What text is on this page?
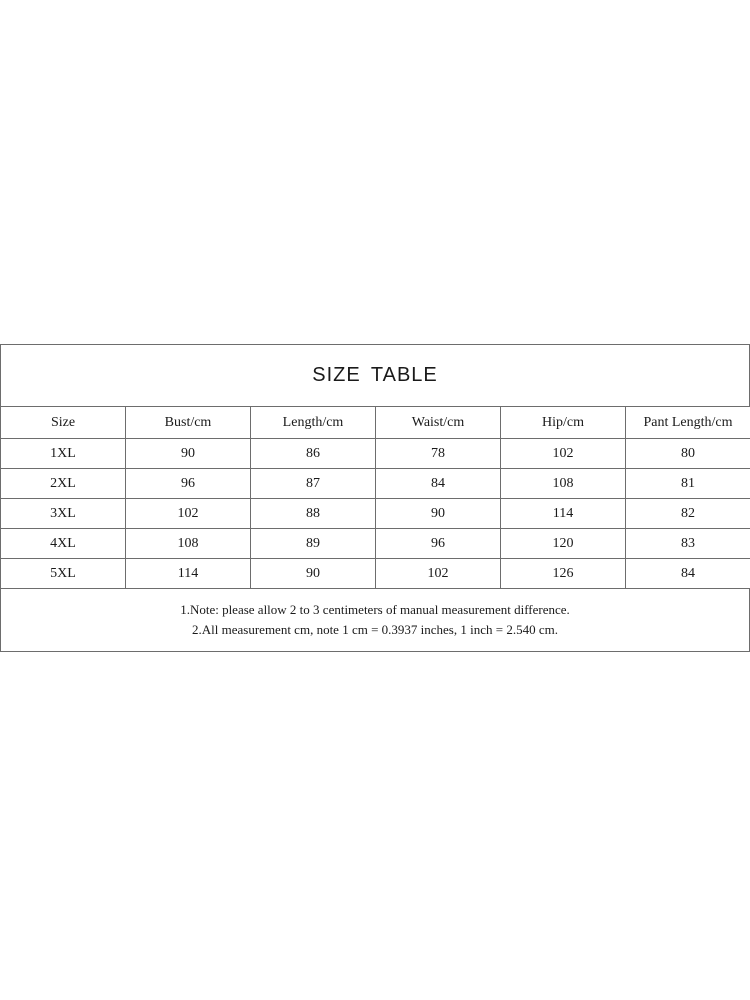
SIZE TABLE
Size	Bust/cm	Length/cm	Waist/cm	Hip/cm	Pant Length/cm
1XL	90	86	78	102	80
2XL	96	87	84	108	81
3XL	102	88	90	114	82
4XL	108	89	96	120	83
5XL	114	90	102	126	84
1.Note: please allow 2 to 3 centimeters of manual measurement difference.
2.All measurement cm, note 1 cm = 0.3937 inches, 1 inch = 2.540 cm.
